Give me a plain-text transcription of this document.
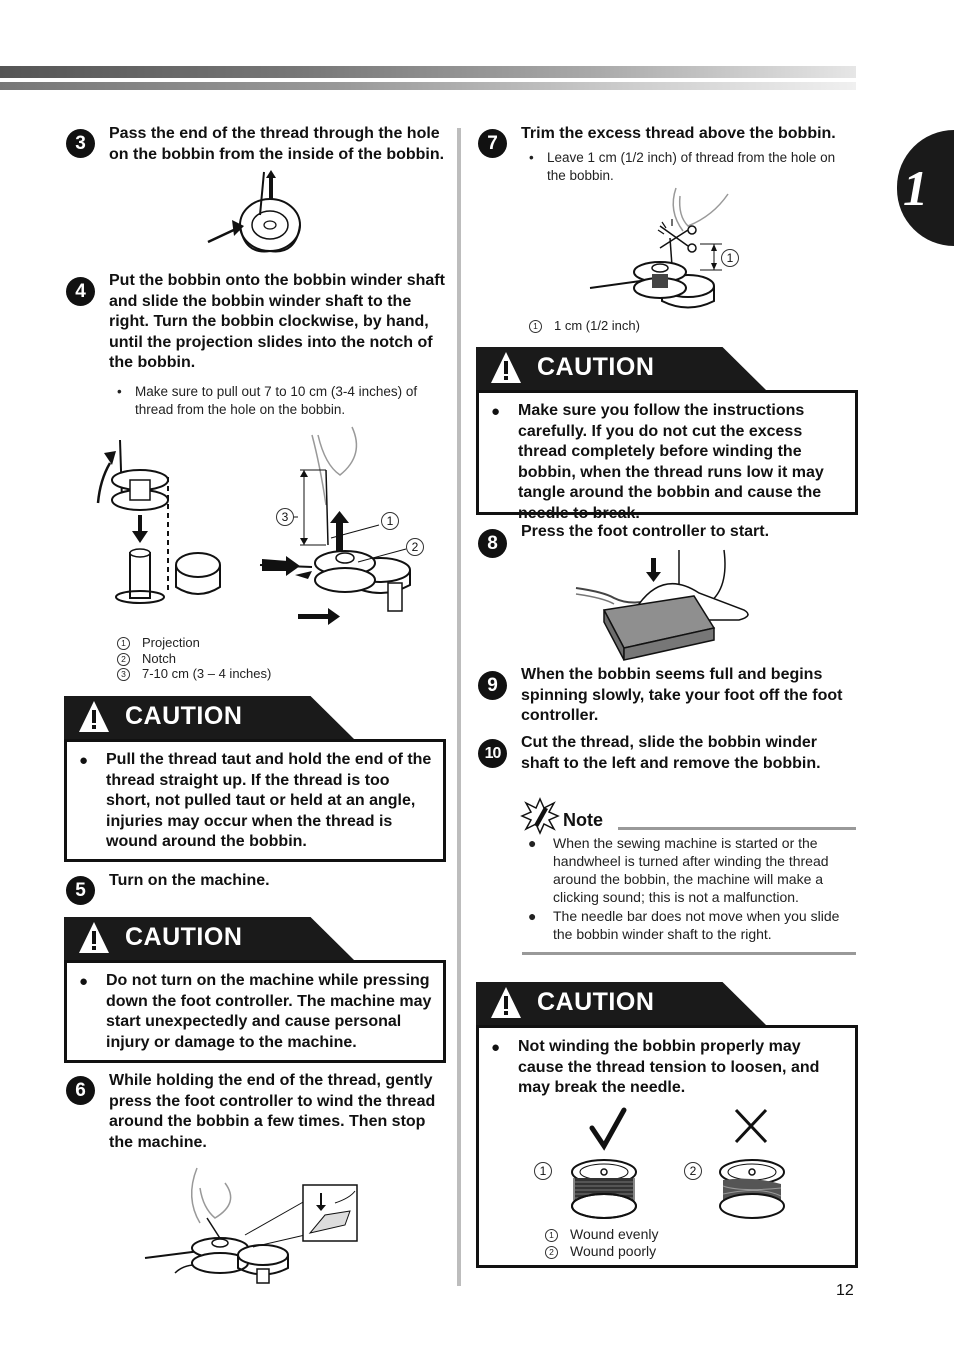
1
3	Pass the end of the thread through the hole on the bobbin from the inside of the bobbin.
4
Put the bobbin onto the bobbin winder shaft and slide the bobbin winder shaft to the right. Turn the bobbin clockwise, by hand, until the projection slides into the notch of the bobbin.
• Make sure to pull out 7 to 10 cm (3-4 inches) of thread from the hole on the bobbin.
3	1
2
1 Projection
2 Notch
3 7-10 cm (3 – 4 inches)
CAUTION
● Pull the thread taut and hold the end of the thread straight up. If the thread is too short, not pulled taut or held at an angle, injuries may occur when the thread is wound around the bobbin.
5	Turn on the machine.
CAUTION
● Do not turn on the machine while pressing down the foot controller. The machine may start unexpectedly and cause personal injury or damage to the machine.
6	While holding the end of the thread, gently press the foot controller to wind the thread around the bobbin a few times. Then stop the machine.
7	Trim the excess thread above the bobbin.
• Leave 1 cm (1/2 inch) of thread from the hole on the bobbin.
1
1 1 cm (1/2 inch)
CAUTION
● Make sure you follow the instructions carefully. If you do not cut the excess thread completely before winding the bobbin, when the thread runs low it may tangle around the bobbin and cause the needle to break.
8
Press the foot controller to start.
9
When the bobbin seems full and begins spinning slowly, take your foot off the foot controller.
10
Cut the thread, slide the bobbin winder shaft to the left and remove the bobbin.
Note
● When the sewing machine is started or the handwheel is turned after winding the thread around the bobbin, the machine will make a clicking sound; this is not a malfunction.
● The needle bar does not move when you slide the bobbin winder shaft to the right.
CAUTION
● Not winding the bobbin properly may cause the thread tension to loosen, and may break the needle.
1	2
1 Wound evenly
2 Wound poorly
12
